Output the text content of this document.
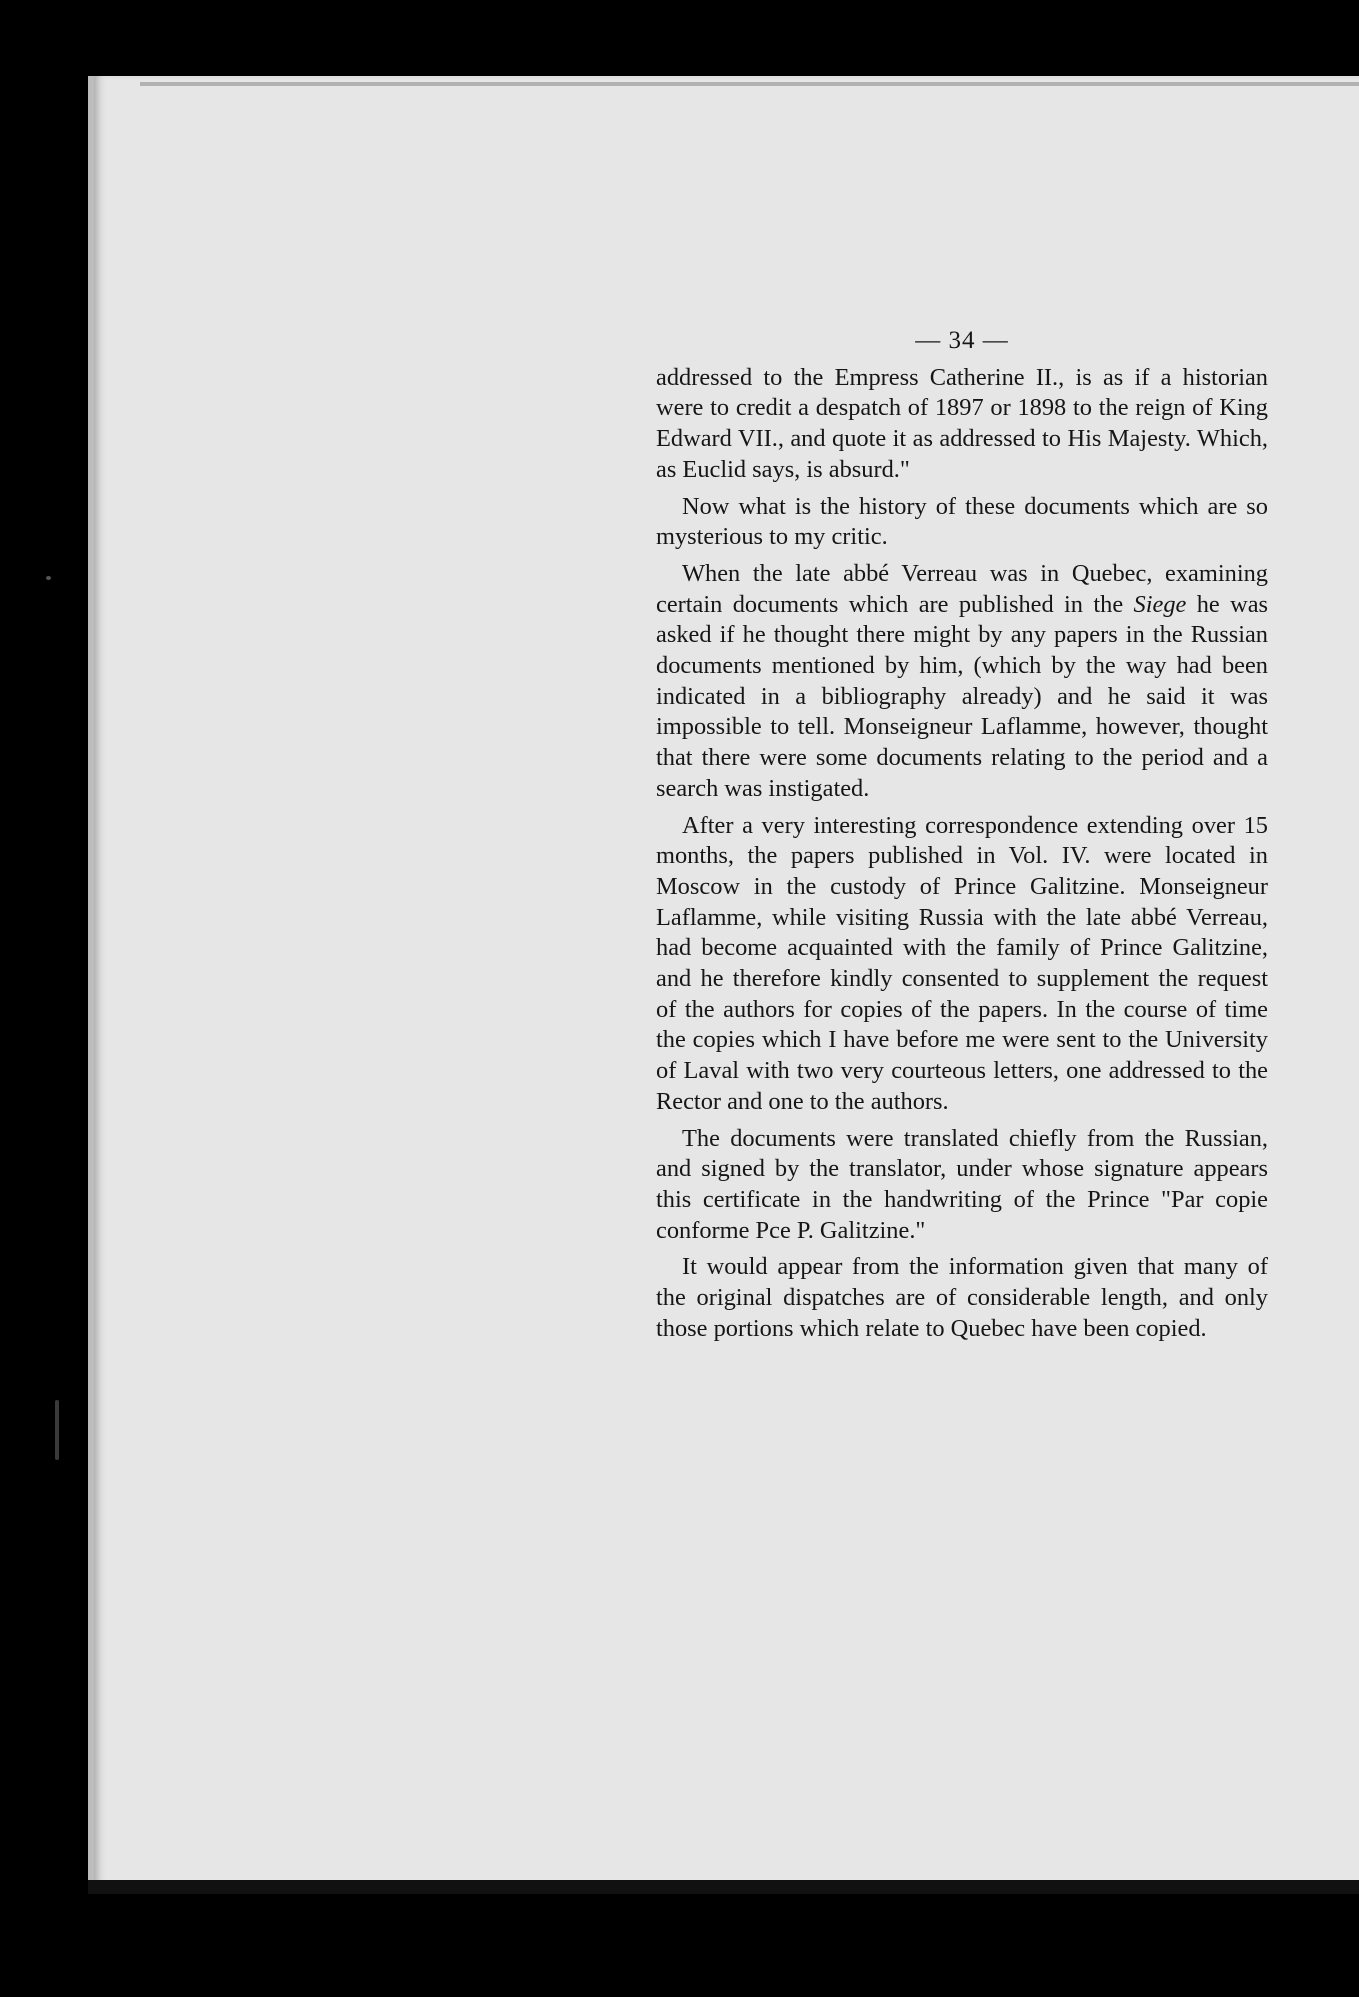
— 34 —

addressed to the Empress Catherine II., is as if a historian were to credit a despatch of 1897 or 1898 to the reign of King Edward VII., and quote it as addressed to His Majesty. Which, as Euclid says, is absurd."

Now what is the history of these documents which are so mysterious to my critic.

When the late abbé Verreau was in Quebec, examining certain documents which are published in the Siege he was asked if he thought there might by any papers in the Russian documents mentioned by him, (which by the way had been indicated in a bibliography already) and he said it was impossible to tell. Monseigneur Laflamme, however, thought that there were some documents relating to the period and a search was instigated.

After a very interesting correspondence extending over 15 months, the papers published in Vol. IV. were located in Moscow in the custody of Prince Galitzine. Monseigneur Laflamme, while visiting Russia with the late abbé Verreau, had become acquainted with the family of Prince Galitzine, and he therefore kindly consented to supplement the request of the authors for copies of the papers. In the course of time the copies which I have before me were sent to the University of Laval with two very courteous letters, one addressed to the Rector and one to the authors.

The documents were translated chiefly from the Russian, and signed by the translator, under whose signature appears this certificate in the handwriting of the Prince "Par copie conforme Pce P. Galitzine."

It would appear from the information given that many of the original dispatches are of considerable length, and only those portions which relate to Quebec have been copied.
